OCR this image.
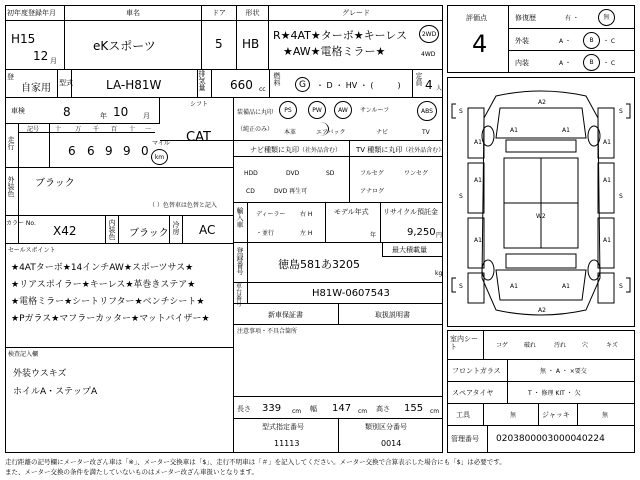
初年度登録年月
H15
12 月
車名
eKスポーツ
ドア
5
形状
HB
グレード
R★4AT★ターボ★キーレス
★AW★電格ミラー★
2WD
4WD
登
自家用 型式	LA-H81W	排気量	660 cc
燃料 G ・ D ・ HV ・ (　　　) 定員 4 人
車検	8	年 10 月
シフト
CAT
走行
記号	十 万 千 百 十 一
6 6 9 9 0
マイル
km
外装色	ブラック
（ ）色替車は色替と記入
カラー No.
X42	内装色	ブラック 冷房 AC
セールスポイント
★4ATターボ★14インチAW★スポーツサス★
★リアスポイラー★キーレス★革巻きステア★
★電格ミラー★シートリフター★ベンチシート★
★Pガラス★マフラーカッター★マットバイザー★
検査記入欄
外装ウスキズ
ホイルA・ステップA
装備品に丸印
（純正のみ）
PS	PW	AW サンルーフ	ABS
本革	エアバック	ナビ	TV
ナビ種類に丸印（社外品含む）
HDD	DVD	SD
CD	DVD 再生可
TV 種類に丸印（社外品含む）
フルセグ	ワンセグ
アナログ
輸入車	ディーラー
・並行
右 H
左 H
モデル年式
年
リサイクル預託金
9,250 円
登録番号	徳島581あ3205
最大積載量
kg
車台番号
H81W-0607543
新車保証書	取扱説明書
注意事項・不具合箇所
長さ 339 cm 幅 147 cm 高さ 155 cm
型式指定番号
11113
類別区分番号
0014
評価点
4
修復歴	有 ・	無
外装	A ・	B ・ C
内装	A ・	B ・ C
S	S
S	S
S	S
A2
A1	A1
A1	A1
A1	A1
W2
A1	A1
A1	A1
A2
室内シート	コゲ	破れ	汚れ	穴	キズ
フロントガラス	無 ・ A ・ ×要交
スペアタイヤ	T ・ 修理 KIT ・ 欠
工具	無	ジャッキ	無
管理番号	0203800003000040224
走行距離の記号欄にメーター改ざん車は「※」、メーター交換車は「$」、走行不明車は「＃」を記入してください。メーター交換で合算表示した場合にも「$」は必要です。
また、メーター交換の条件を満たしていないものはメーター改ざん車扱いとなります。
